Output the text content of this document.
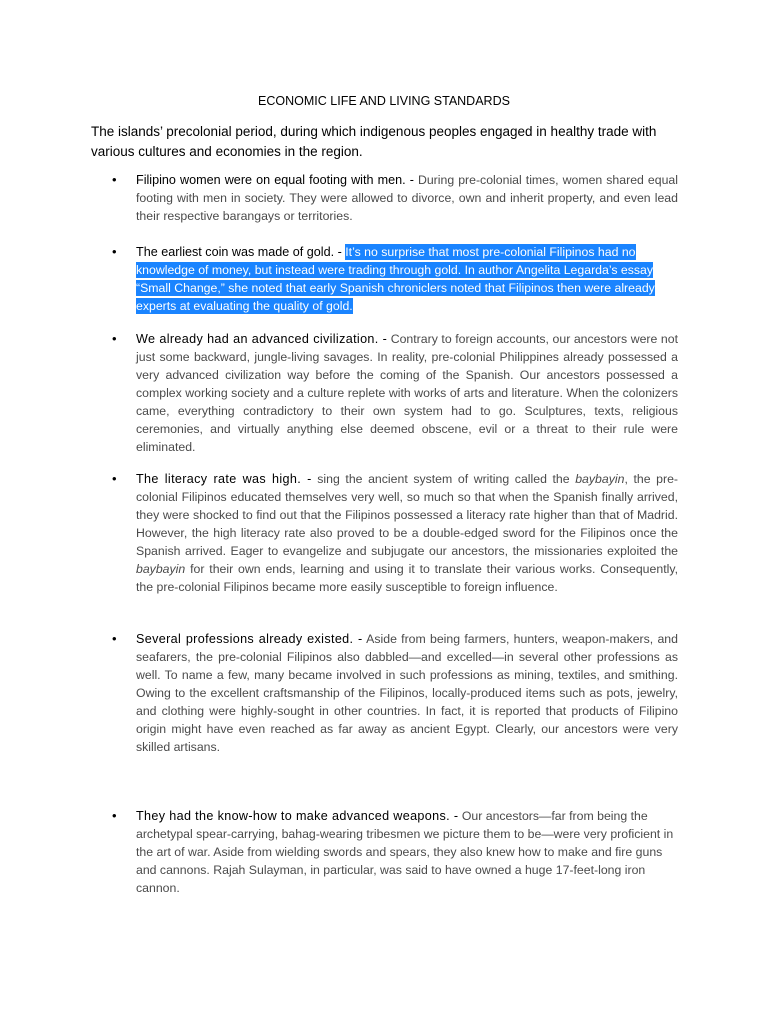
ECONOMIC LIFE AND LIVING STANDARDS
The islands’ precolonial period, during which indigenous peoples engaged in healthy trade with various cultures and economies in the region.
• Filipino women were on equal footing with men. - During pre-colonial times, women shared equal footing with men in society. They were allowed to divorce, own and inherit property, and even lead their respective barangays or territories.
• The earliest coin was made of gold. - It’s no surprise that most pre-colonial Filipinos had no knowledge of money, but instead were trading through gold. In author Angelita Legarda’s essay “Small Change,” she noted that early Spanish chroniclers noted that Filipinos then were already experts at evaluating the quality of gold.
• We already had an advanced civilization. - Contrary to foreign accounts, our ancestors were not just some backward, jungle-living savages. In reality, pre-colonial Philippines already possessed a very advanced civilization way before the coming of the Spanish. Our ancestors possessed a complex working society and a culture replete with works of arts and literature. When the colonizers came, everything contradictory to their own system had to go. Sculptures, texts, religious ceremonies, and virtually anything else deemed obscene, evil or a threat to their rule were eliminated.
• The literacy rate was high. - sing the ancient system of writing called the baybayin, the pre-colonial Filipinos educated themselves very well, so much so that when the Spanish finally arrived, they were shocked to find out that the Filipinos possessed a literacy rate higher than that of Madrid. However, the high literacy rate also proved to be a double-edged sword for the Filipinos once the Spanish arrived. Eager to evangelize and subjugate our ancestors, the missionaries exploited the baybayin for their own ends, learning and using it to translate their various works. Consequently, the pre-colonial Filipinos became more easily susceptible to foreign influence.
• Several professions already existed. - Aside from being farmers, hunters, weapon-makers, and seafarers, the pre-colonial Filipinos also dabbled—and excelled—in several other professions as well. To name a few, many became involved in such professions as mining, textiles, and smithing. Owing to the excellent craftsmanship of the Filipinos, locally-produced items such as pots, jewelry, and clothing were highly-sought in other countries. In fact, it is reported that products of Filipino origin might have even reached as far away as ancient Egypt. Clearly, our ancestors were very skilled artisans.
• They had the know-how to make advanced weapons. - Our ancestors—far from being the archetypal spear-carrying, bahag-wearing tribesmen we picture them to be—were very proficient in the art of war. Aside from wielding swords and spears, they also knew how to make and fire guns and cannons. Rajah Sulayman, in particular, was said to have owned a huge 17-feet-long iron cannon.
